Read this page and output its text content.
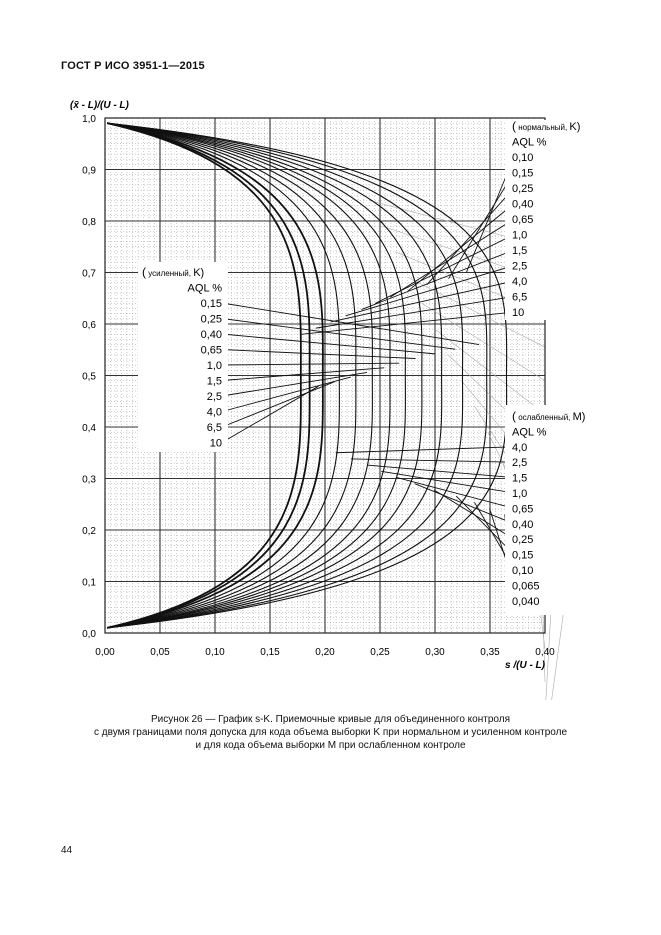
ГОСТ Р ИСО 3951-1—2015
0,00	0,05	0,10	0,15	0,20	0,25	0,30	0,35	0,40
0,0
0,1
0,2
0,3
0,4
0,5
0,6
0,7
0,8
0,9
1,0	( нормальный, K)
AQL %
0,10
0,15
0,25
0,40
0,65
1,0
1,5
2,5
4,0
6,5
10
( усиленный, K)
AQL %
0,15
0,25
0,40
0,65
1,0
1,5
2,5
4,0
6,5
10
( ослабленный, M)
AQL %
4,0
2,5
1,5
1,0
0,65
0,40
0,25
0,15
0,10
0,065
0,040
(x̄ - L)/(U - L)
s /(U - L)
Рисунок 26 — График s-K. Приемочные кривые для объединенного контроля
с двумя границами поля допуска для кода объема выборки K при нормальном и усиленном контроле
и для кода объема выборки M при ослабленном контроле
44
